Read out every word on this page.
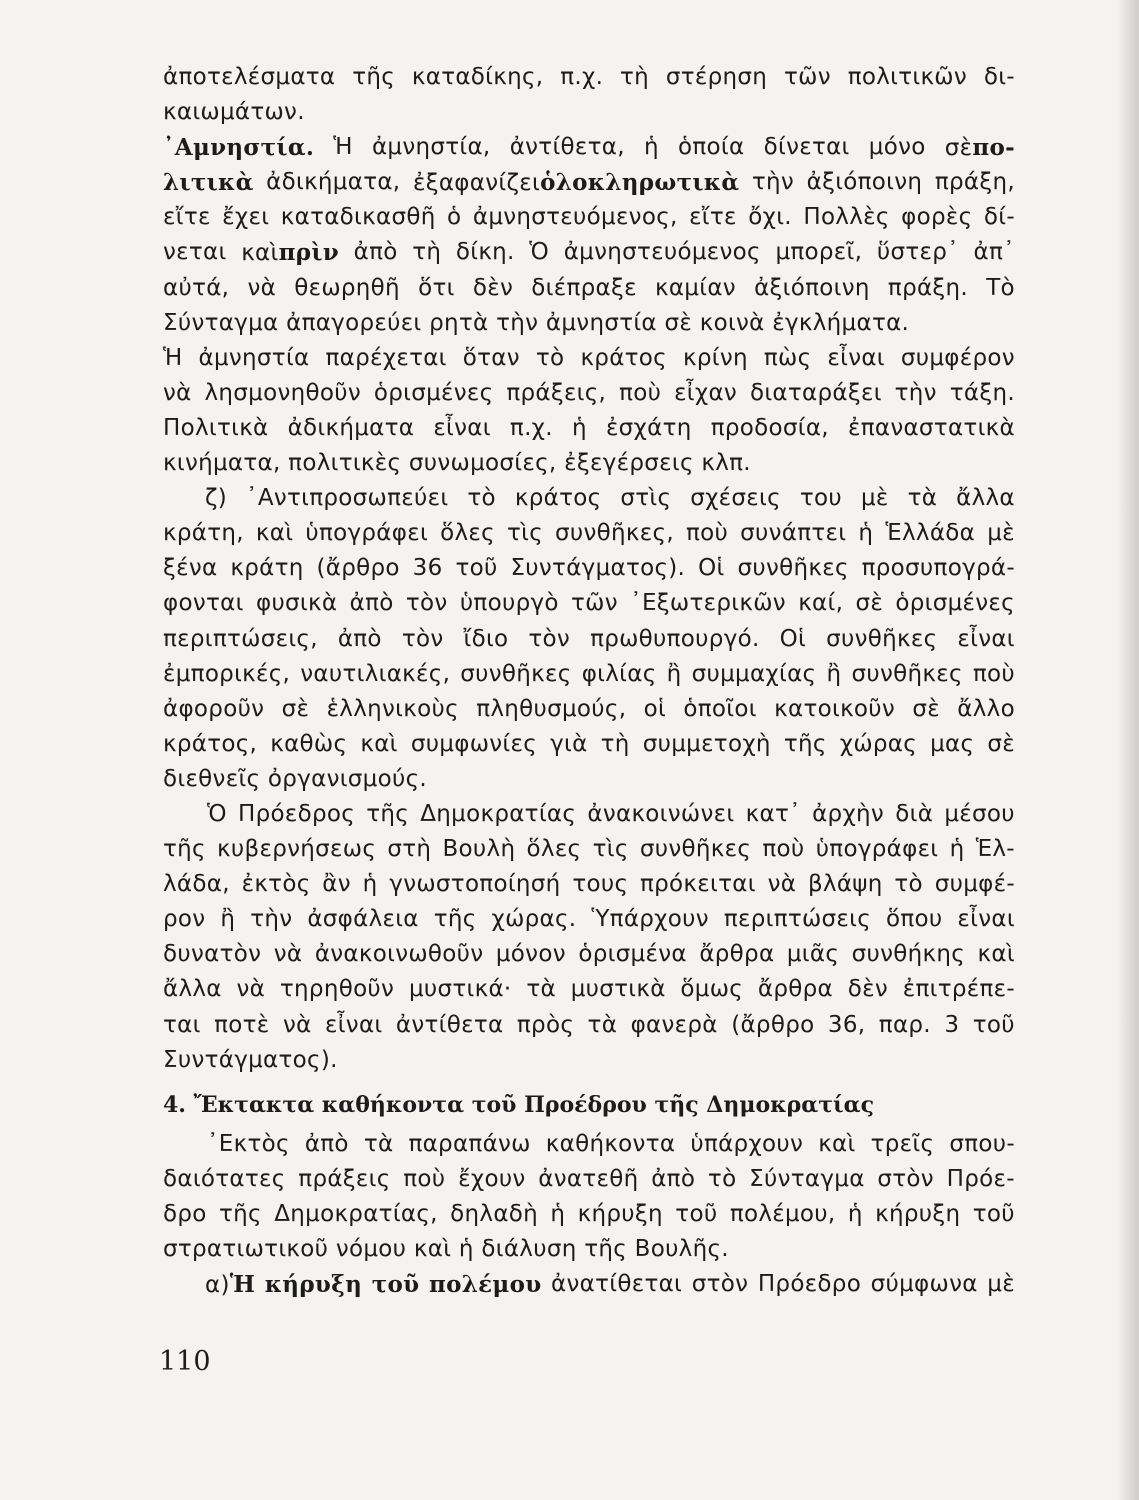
ἀποτελέσματα τῆς καταδίκης, π.χ. τὴ στέρηση τῶν πολιτικῶν δι-
καιωμάτων.
᾿Αμνηστία. Ἡ ἀμνηστία, ἀντίθετα, ἡ ὁποία δίνεται μόνο σὲπο-
λιτικὰ ἀδικήματα, ἐξαφανίζειὁλοκληρωτικὰ τὴν ἀξιόποινη πράξη,
εἴτε ἔχει καταδικασθῆ ὁ ἀμνηστευόμενος, εἴτε ὄχι. Πολλὲς φορὲς δί-
νεται καὶπρὶν ἀπὸ τὴ δίκη. Ὁ ἀμνηστευόμενος μπορεῖ, ὕστερ᾿ ἀπ᾿
αὐτά, νὰ θεωρηθῆ ὅτι δὲν διέπραξε καμίαν ἀξιόποινη πράξη. Τὸ
Σύνταγμα ἀπαγορεύει ρητὰ τὴν ἀμνηστία σὲ κοινὰ ἐγκλήματα.
Ἡ ἀμνηστία παρέχεται ὅταν τὸ κράτος κρίνη πὼς εἶναι συμφέρον
νὰ λησμονηθοῦν ὁρισμένες πράξεις, ποὺ εἶχαν διαταράξει τὴν τάξη.
Πολιτικὰ ἀδικήματα εἶναι π.χ. ἡ ἐσχάτη προδοσία, ἐπαναστατικὰ
κινήματα, πολιτικὲς συνωμοσίες, ἐξεγέρσεις κλπ.
ζ) ᾿Αντιπροσωπεύει τὸ κράτος στὶς σχέσεις του μὲ τὰ ἄλλα
κράτη, καὶ ὑπογράφει ὅλες τὶς συνθῆκες, ποὺ συνάπτει ἡ Ἑλλάδα μὲ
ξένα κράτη (ἄρθρο 36 τοῦ Συντάγματος). Οἱ συνθῆκες προσυπογρά-
φονται φυσικὰ ἀπὸ τὸν ὑπουργὸ τῶν ᾿Εξωτερικῶν καί, σὲ ὁρισμένες
περιπτώσεις, ἀπὸ τὸν ἴδιο τὸν πρωθυπουργό. Οἱ συνθῆκες εἶναι
ἐμπορικές, ναυτιλιακές, συνθῆκες φιλίας ἢ συμμαχίας ἢ συνθῆκες ποὺ
ἀφοροῦν σὲ ἑλληνικοὺς πληθυσμούς, οἱ ὁποῖοι κατοικοῦν σὲ ἄλλο
κράτος, καθὼς καὶ συμφωνίες γιὰ τὴ συμμετοχὴ τῆς χώρας μας σὲ
διεθνεῖς ὀργανισμούς.
Ὁ Πρόεδρος τῆς Δημοκρατίας ἀνακοινώνει κατ᾿ ἀρχὴν διὰ μέσου
τῆς κυβερνήσεως στὴ Βουλὴ ὅλες τὶς συνθῆκες ποὺ ὑπογράφει ἡ Ἑλ-
λάδα, ἐκτὸς ἂν ἡ γνωστοποίησή τους πρόκειται νὰ βλάψη τὸ συμφέ-
ρον ἢ τὴν ἀσφάλεια τῆς χώρας. Ὑπάρχουν περιπτώσεις ὅπου εἶναι
δυνατὸν νὰ ἀνακοινωθοῦν μόνον ὁρισμένα ἄρθρα μιᾶς συνθήκης καὶ
ἄλλα νὰ τηρηθοῦν μυστικά· τὰ μυστικὰ ὅμως ἄρθρα δὲν ἐπιτρέπε-
ται ποτὲ νὰ εἶναι ἀντίθετα πρὸς τὰ φανερὰ (ἄρθρο 36, παρ. 3 τοῦ
Συντάγματος).
4. Ἔκτακτα καθήκοντα τοῦ Προέδρου τῆς Δημοκρατίας
᾿Εκτὸς ἀπὸ τὰ παραπάνω καθήκοντα ὑπάρχουν καὶ τρεῖς σπου-
δαιότατες πράξεις ποὺ ἔχουν ἀνατεθῆ ἀπὸ τὸ Σύνταγμα στὸν Πρόε-
δρο τῆς Δημοκρατίας, δηλαδὴ ἡ κήρυξη τοῦ πολέμου, ἡ κήρυξη τοῦ
στρατιωτικοῦ νόμου καὶ ἡ διάλυση τῆς Βουλῆς.
α)Ἡ κήρυξη τοῦ πολέμου ἀνατίθεται στὸν Πρόεδρο σύμφωνα μὲ
110
